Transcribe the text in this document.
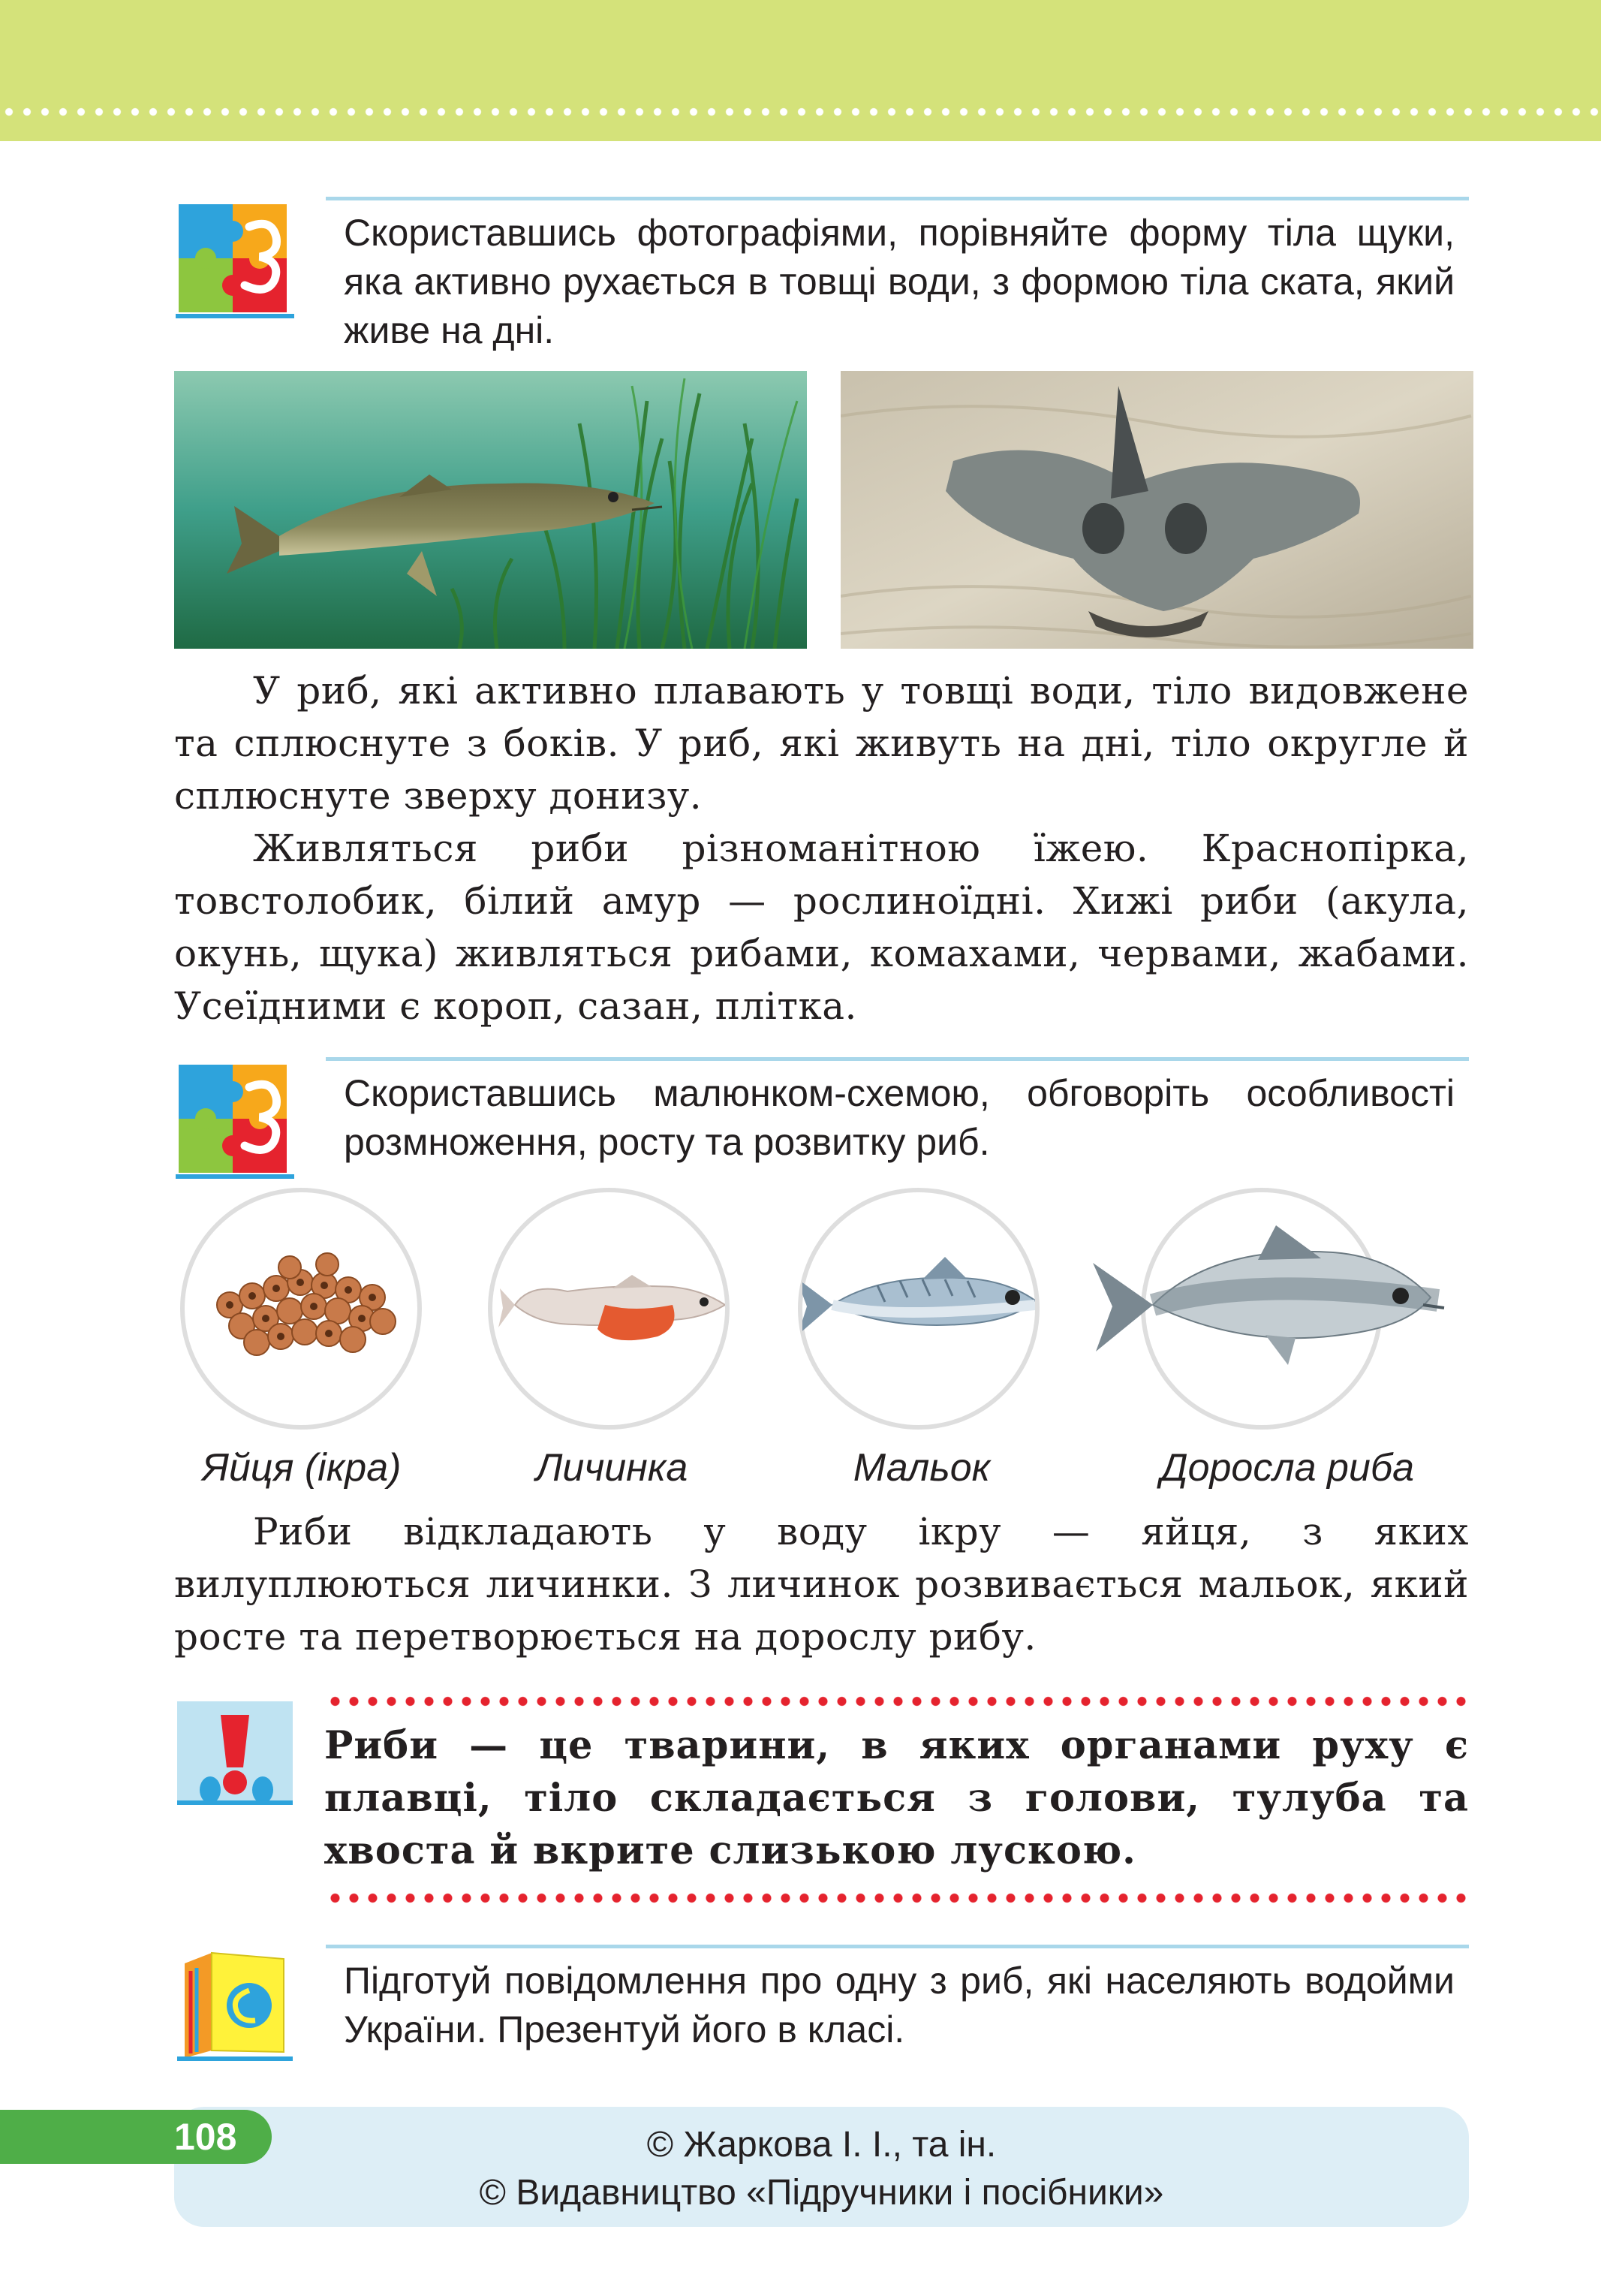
Скориставшись фотографіями, порівняйте форму тіла щуки, яка активно рухається в товщі води, з формою тіла ската, який живе на дні.

У риб, які активно плавають у товщі води, тіло видовжене та сплюснуте з боків. У риб, які живуть на дні, тіло округле й сплюснуте зверху донизу.

Живляться риби різноманітною їжею. Краснопірка, товстолобик, білий амур — рослиноїдні. Хижі риби (акула, окунь, щука) живляться рибами, комахами, червами, жабами. Усеїдними є короп, сазан, плітка.

Скориставшись малюнком-схемою, обговоріть особливості розмноження, росту та розвитку риб.
Яйця (ікра)	Личинка	Мальок	Доросла риба

Риби відкладають у воду ікру — яйця, з яких вилуплюються личинки. З личинок розвивається мальок, який росте та перетворюється на дорослу рибу.

Риби — це тварини, в яких органами руху є плавці, тіло складається з голови, тулуба та хвоста й вкрите слизькою лускою.
Підготуй повідомлення про одну з риб, які населяють водойми України. Презентуй його в класі.
108	© Жаркова І. І., та ін.
© Видавництво «Підручники і посібники»
